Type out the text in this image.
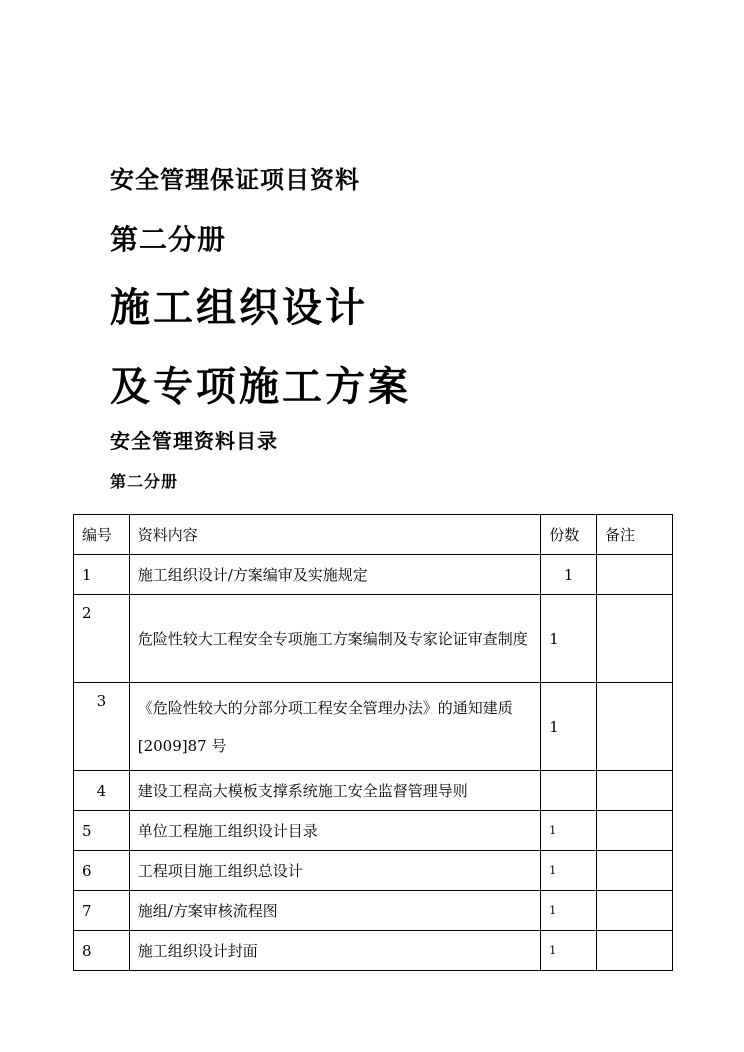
安全管理保证项目资料
第二分册
施工组织设计
及专项施工方案
安全管理资料目录
第二分册
编号	资料内容	份数	备注
1	施工组织设计/方案编审及实施规定	1	
2	危险性较大工程安全专项施工方案编制及专家论证审查制度	1	
3	《危险性较大的分部分项工程安全管理办法》的通知建质[2009]87 号	1	
4	建设工程高大模板支撑系统施工安全监督管理导则		
5	单位工程施工组织设计目录	1	
6	工程项目施工组织总设计	1	
7	施组/方案审核流程图	1	
8	施工组织设计封面	1	
